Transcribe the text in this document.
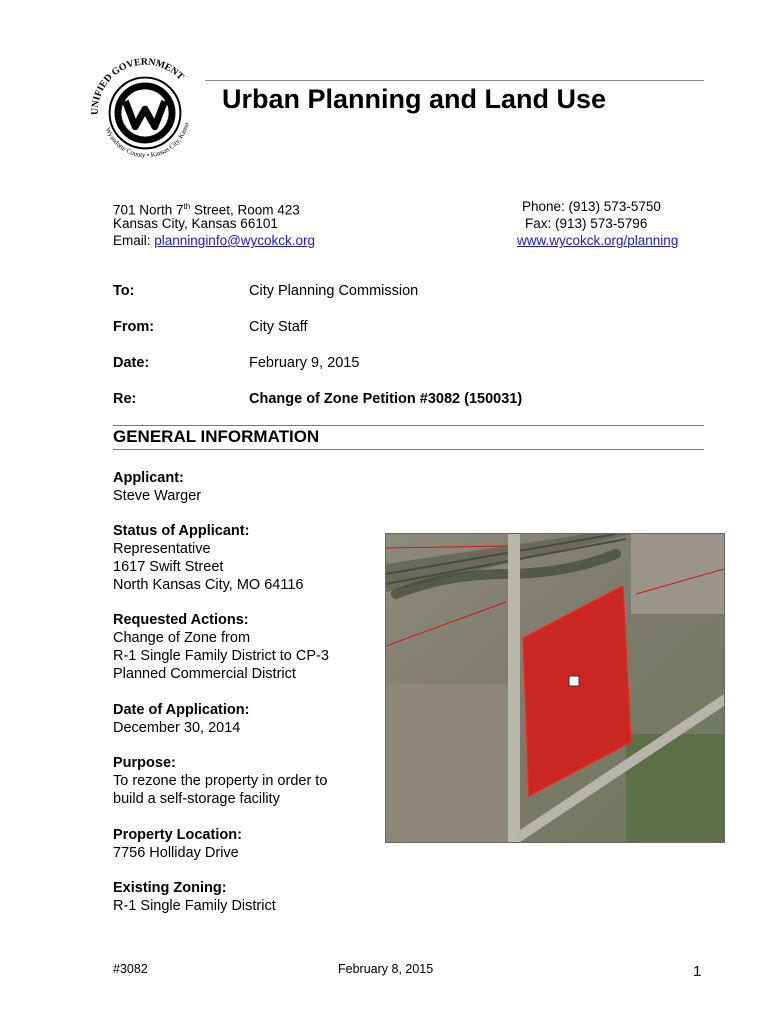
UNIFIED GOVERNMENT
Wyandotte County • Kansas City, Kansa
Urban Planning and Land Use
701 North 7th Street, Room 423
Kansas City, Kansas 66101
Email: planninginfo@wycokck.org
Phone: (913) 573-5750
Fax: (913) 573-5796
www.wycokck.org/planning
To:	City Planning Commission
From:	City Staff
Date:	February 9, 2015
Re:	Change of Zone Petition #3082 (150031)
GENERAL INFORMATION
Applicant:
Steve Warger
Status of Applicant:
Representative
1617 Swift Street
North Kansas City, MO 64116
Requested Actions:
Change of Zone from
R-1 Single Family District to CP-3
Planned Commercial District
Date of Application:
December 30, 2014
Purpose:
To rezone the property in order to
build a self-storage facility
Property Location:
7756 Holliday Drive
Existing Zoning:
R-1 Single Family District
#3082	February 8, 2015	1
